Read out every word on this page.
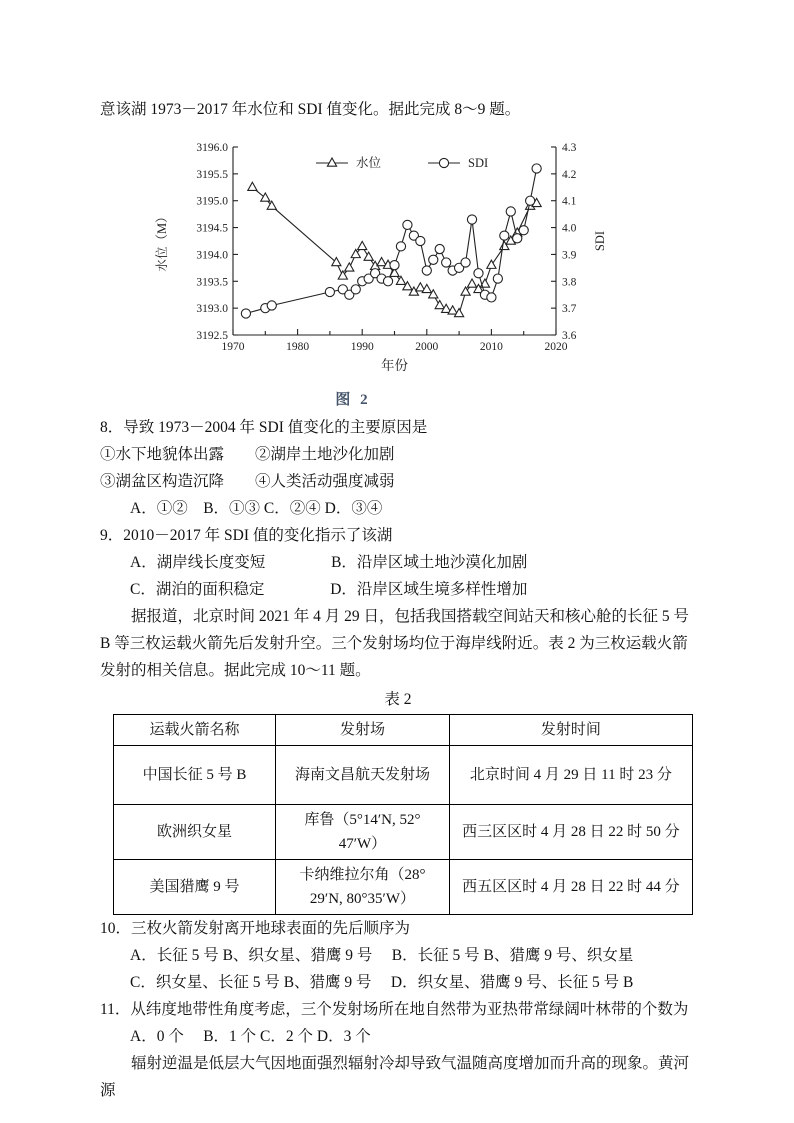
意该湖 1973－2017 年水位和 SDI 值变化。据此完成 8～9 题。

3192.5
3193.0
3193.5
3194.0
3194.5
3195.0
3195.5
3196.0
3.6
3.7
3.8
3.9
4.0
4.1
4.2
4.3
1970	1980	1990	2000	2010	2020
水位（M）	SDI
年份
水位	SDI
图 2

8．导致 1973－2004 年 SDI 值变化的主要原因是

①水下地貌体出露　　②湖岸土地沙化加剧

③湖盆区构造沉降　　④人类活动强度减弱

A．①②　B．①③ C．②④ D．③④

9．2010－2017 年 SDI 值的变化指示了该湖

A．湖岸线长度变短　　　　 B．沿岸区域土地沙漠化加剧

C．湖泊的面积稳定　　　　 D．沿岸区域生境多样性增加

据报道，北京时间 2021 年 4 月 29 日，包括我国搭载空间站天和核心舱的长征 5 号 B 等三枚运载火箭先后发射升空。三个发射场均位于海岸线附近。表 2 为三枚运载火箭发射的相关信息。据此完成 10～11 题。

表 2
运载火箭名称	发射场	发射时间
中国长征 5 号 B	海南文昌航天发射场	北京时间 4 月 29 日 11 时 23 分
欧洲织女星	库鲁（5°14′N, 52° 47′W）	西三区区时 4 月 28 日 22 时 50 分
美国猎鹰 9 号	卡纳维拉尔角（28° 29′N, 80°35′W）	西五区区时 4 月 28 日 22 时 44 分

10．三枚火箭发射离开地球表面的先后顺序为

A．长征 5 号 B、织女星、猎鹰 9 号　 B．长征 5 号 B、猎鹰 9 号、织女星

C．织女星、长征 5 号 B、猎鹰 9 号　 D．织女星、猎鹰 9 号、长征 5 号 B

11．从纬度地带性角度考虑，三个发射场所在地自然带为亚热带常绿阔叶林带的个数为

A．0 个　 B．1 个 C．2 个 D．3 个

辐射逆温是低层大气因地面强烈辐射冷却导致气温随高度增加而升高的现象。黄河源
